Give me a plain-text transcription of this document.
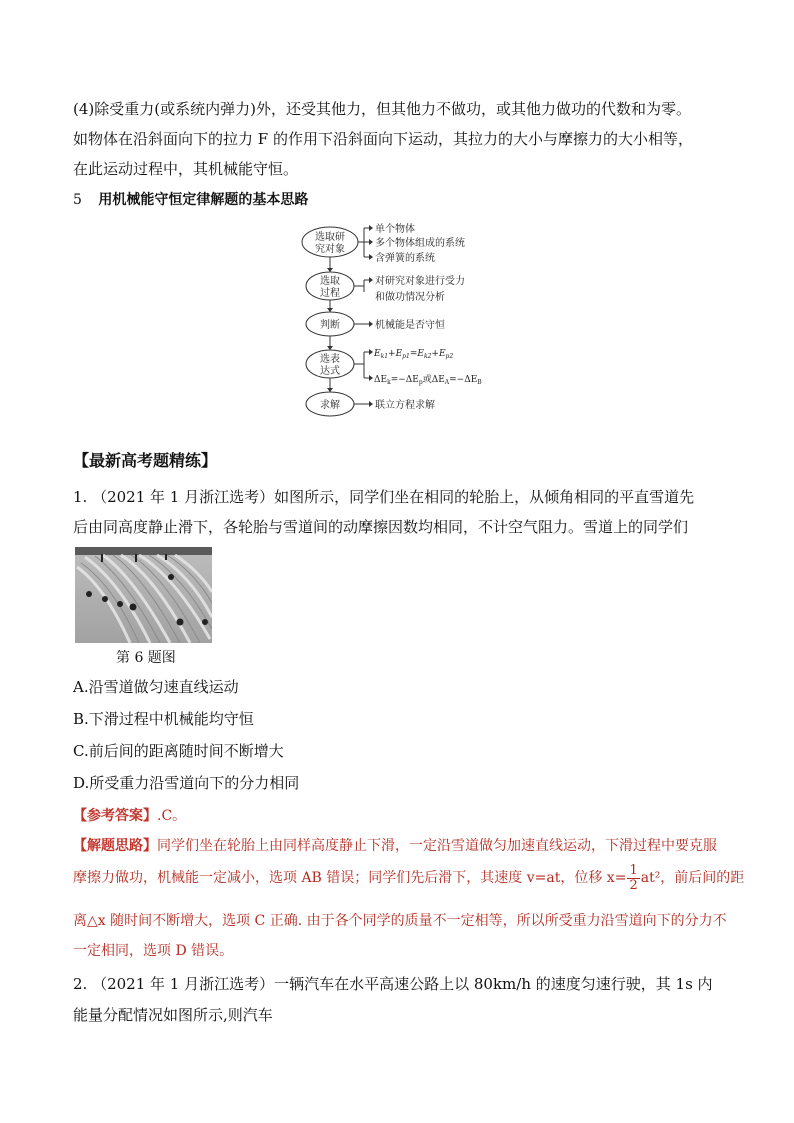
(4)除受重力(或系统内弹力)外，还受其他力，但其他力不做功，或其他力做功的代数和为零。
如物体在沿斜面向下的拉力 F 的作用下沿斜面向下运动，其拉力的大小与摩擦力的大小相等，
在此运动过程中，其机械能守恒。
5 用机械能守恒定律解题的基本思路
选取研
究对象
选取
过程
判断
选表
达式
求解
单个物体
多个物体组成的系统
含弹簧的系统
对研究对象进行受力
和做功情况分析
机械能是否守恒
$E_{k1}+E_{p1}=E_{k2}+E_{p2}$
$\Delta E_k=-\Delta E_p$或$\Delta E_A=-\Delta E_B$
联立方程求解
【最新高考题精练】
1. （2021 年 1 月浙江选考）如图所示，同学们坐在相同的轮胎上，从倾角相同的平直雪道先
后由同高度静止滑下，各轮胎与雪道间的动摩擦因数均相同，不计空气阻力。雪道上的同学们
第 6 题图
A.沿雪道做匀速直线运动
B.下滑过程中机械能均守恒
C.前后间的距离随时间不断增大
D.所受重力沿雪道向下的分力相同
【参考答案】.C。
【解题思路】同学们坐在轮胎上由同样高度静止下滑，一定沿雪道做匀加速直线运动，下滑过程中要克服
摩擦力做功，机械能一定减小，选项 AB 错误；同学们先后滑下，其速度 v=at，位移 $x= \frac{1}{2} at^2$，前后间的距
离△x 随时间不断增大，选项 C 正确. 由于各个同学的质量不一定相等，所以所受重力沿雪道向下的分力不
一定相同，选项 D 错误。
2. （2021 年 1 月浙江选考）一辆汽车在水平高速公路上以 80km/h 的速度匀速行驶，其 1s 内
能量分配情况如图所示,则汽车
